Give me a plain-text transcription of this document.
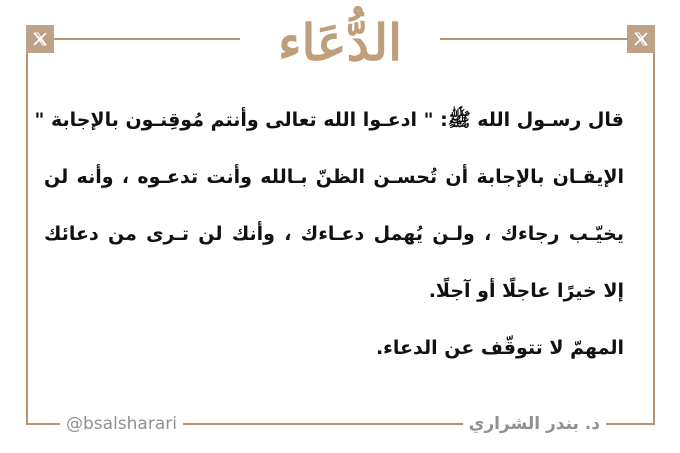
الدُّعَاء
قال رسـول الله ﷺ: " ادعـوا الله تعالى وأنتم مُوقِنـون بالإجابة "
الإيقـان بالإجابة أن تُحسـن الظنّ بـالله وأنت تدعـوه ، وأنه لن
يخيّـب رجاءك ، ولـن يُهمل دعـاءك ، وأنك لن تـرى من دعائك
إلا خيرًا عاجلًا أو آجلًا.
المهمّ لا تتوقّف عن الدعاء.
@bsalsharari	د. بندر الشراري
